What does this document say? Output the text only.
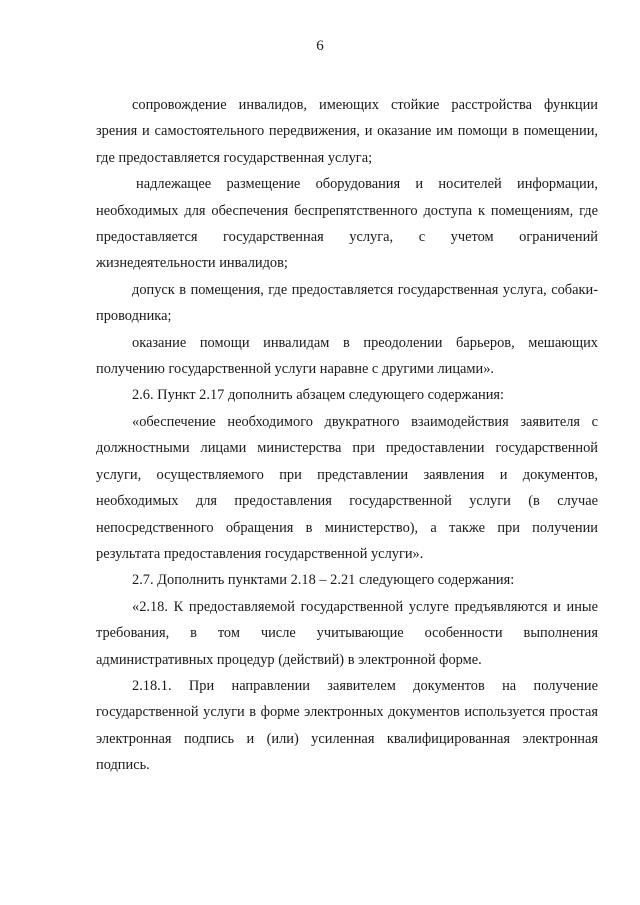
6

сопровождение инвалидов, имеющих стойкие расстройства функции зрения и самостоятельного передвижения, и оказание им помощи в помещении, где предоставляется государственная услуга;

надлежащее размещение оборудования и носителей информации, необходимых для обеспечения беспрепятственного доступа к помещениям, где предоставляется государственная услуга, с учетом ограничений жизнедеятельности инвалидов;

допуск в помещения, где предоставляется государственная услуга, собаки-проводника;

оказание помощи инвалидам в преодолении барьеров, мешающих получению государственной услуги наравне с другими лицами».

2.6. Пункт 2.17 дополнить абзацем следующего содержания:

«обеспечение необходимого двукратного взаимодействия заявителя с должностными лицами министерства при предоставлении государственной услуги, осуществляемого при представлении заявления и документов, необходимых для предоставления государственной услуги (в случае непосредственного обращения в министерство), а также при получении результата предоставления государственной услуги».

2.7. Дополнить пунктами 2.18 – 2.21 следующего содержания:

«2.18. К предоставляемой государственной услуге предъявляются и иные требования, в том числе учитывающие особенности выполнения административных процедур (действий) в электронной форме.

2.18.1. При направлении заявителем документов на получение государственной услуги в форме электронных документов используется простая электронная подпись и (или) усиленная квалифицированная электронная подпись.
